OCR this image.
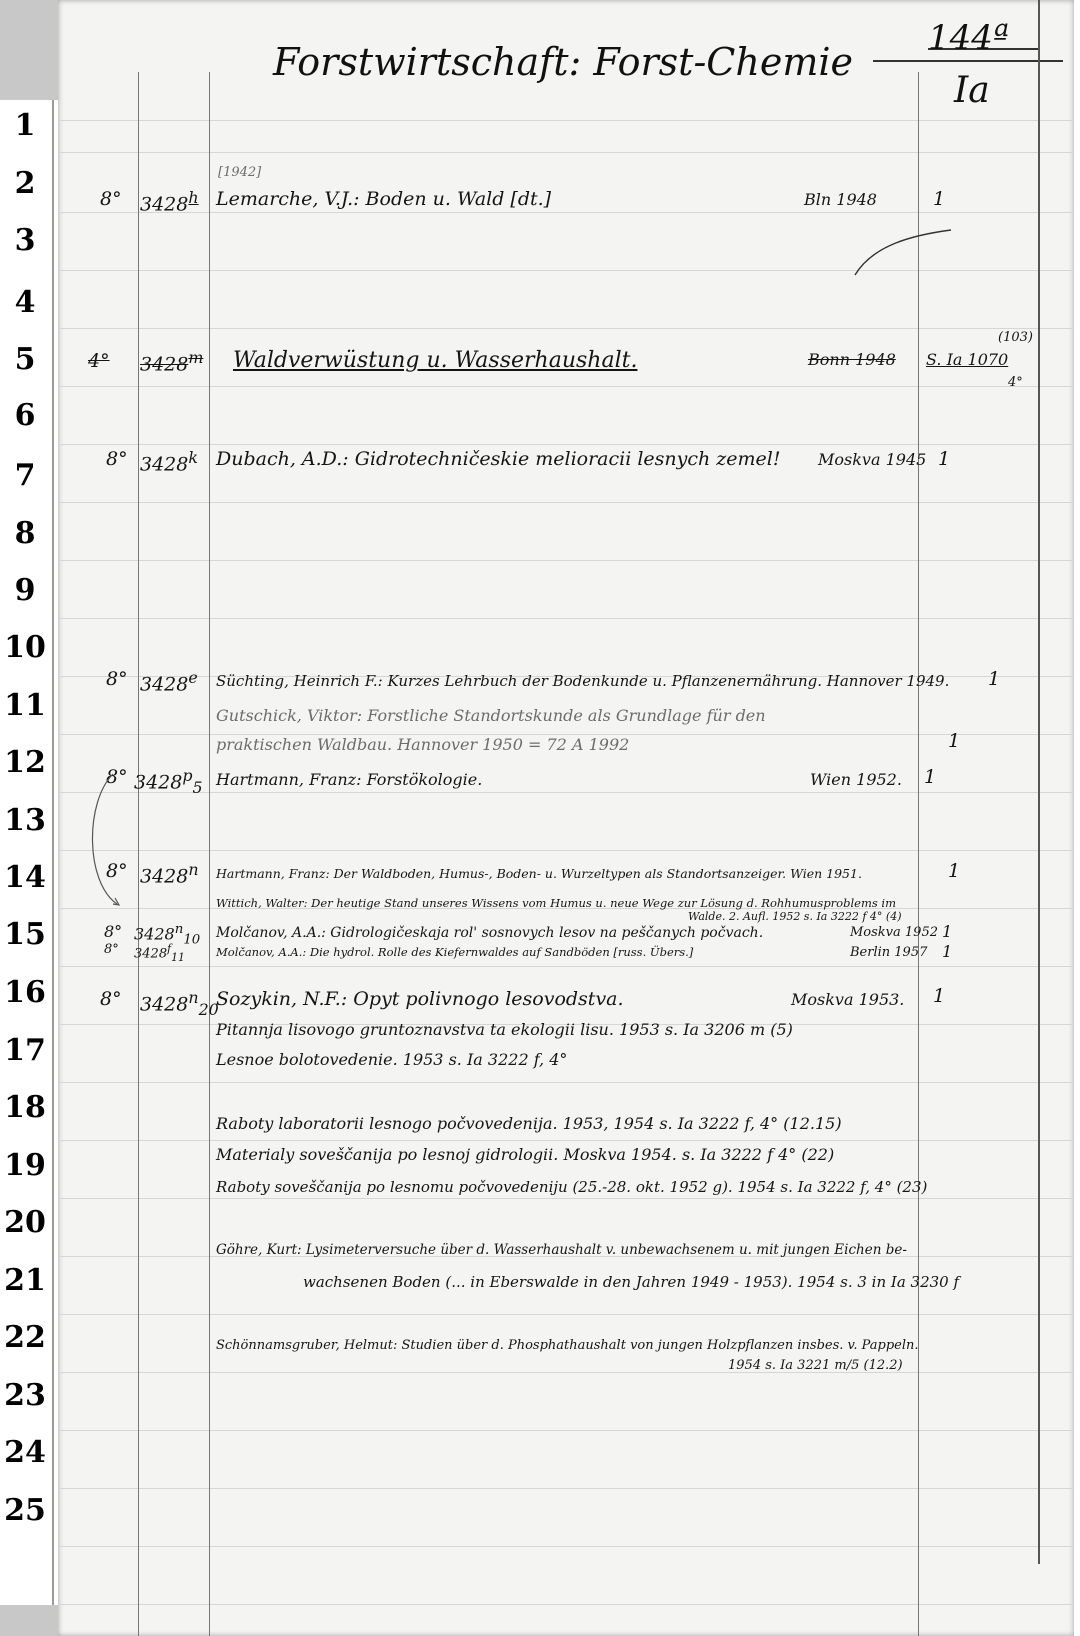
1
2
3
4
5
6
7
8
9
10
11
12
13
14
15
16
17
18
19
20
21
22
23
24
25
Forstwirtschaft: Forst-Chemie
144ª
Ia
8° 3428$^h$
[1942]
Lemarche, V.J.: Boden u. Wald [dt.]	Bln 1948	1
4° 3428$^m$ Waldverwüstung u. Wasserhaushalt.	Bonn 1948
(103)
S. Ia 1070
4°
8° 3428$^k$ Dubach, A.D.: Gidrotechničeskie melioracii lesnych zemel! Moskva 1945 1
8° 3428e Süchting, Heinrich F.: Kurzes Lehrbuch der Bodenkunde u. Pflanzenernährung. Hannover 1949. 1
Gutschick, Viktor: Forstliche Standortskunde als Grundlage für den
praktischen Waldbau. Hannover 1950 = 72 A 1992	1
8° $3428^p_5$ Hartmann, Franz: Forstökologie.	Wien 1952. 1
8° 3428$^n$ Hartmann, Franz: Der Waldboden, Humus-, Boden- u. Wurzeltypen als Standortsanzeiger. Wien 1951.	1
Wittich, Walter: Der heutige Stand unseres Wissens vom Humus u. neue Wege zur Lösung d. Rohhumusproblems im
Walde. 2. Aufl. 1952 s. Ia 3222 f 4° (4)
8° $3428^n_{10}$ Molčanov, A.A.: Gidrologičeskaja rol' sosnovych lesov na peščanych počvach.	Moskva 1952 1
8° $3428^f_{11}$	Molčanov, A.A.: Die hydrol. Rolle des Kiefernwaldes auf Sandböden [russ. Übers.]	Berlin 1957 1
8° $3428^n_{20}$
Sozykin, N.F.: Opyt polivnogo lesovodstva.	Moskva 1953. 1
Pitannja lisovogo gruntoznavstva ta ekologii lisu. 1953 s. Ia 3206 m (5)
Lesnoe bolotovedenie. 1953 s. Ia 3222 f, 4°
Raboty laboratorii lesnogo počvovedenija. 1953, 1954 s. Ia 3222 f, 4° (12.15)
Materialy soveščanija po lesnoj gidrologii. Moskva 1954. s. Ia 3222 f 4° (22)
Raboty soveščanija po lesnomu počvovedeniju (25.-28. okt. 1952 g). 1954 s. Ia 3222 f, 4° (23)
Göhre, Kurt: Lysimeterversuche über d. Wasserhaushalt v. unbewachsenem u. mit jungen Eichen be-
wachsenen Boden (... in Eberswalde in den Jahren 1949 - 1953). 1954 s. 3 in Ia 3230 f
Schönnamsgruber, Helmut: Studien über d. Phosphathaushalt von jungen Holzpflanzen insbes. v. Pappeln.
1954 s. Ia 3221 m/5 (12.2)
